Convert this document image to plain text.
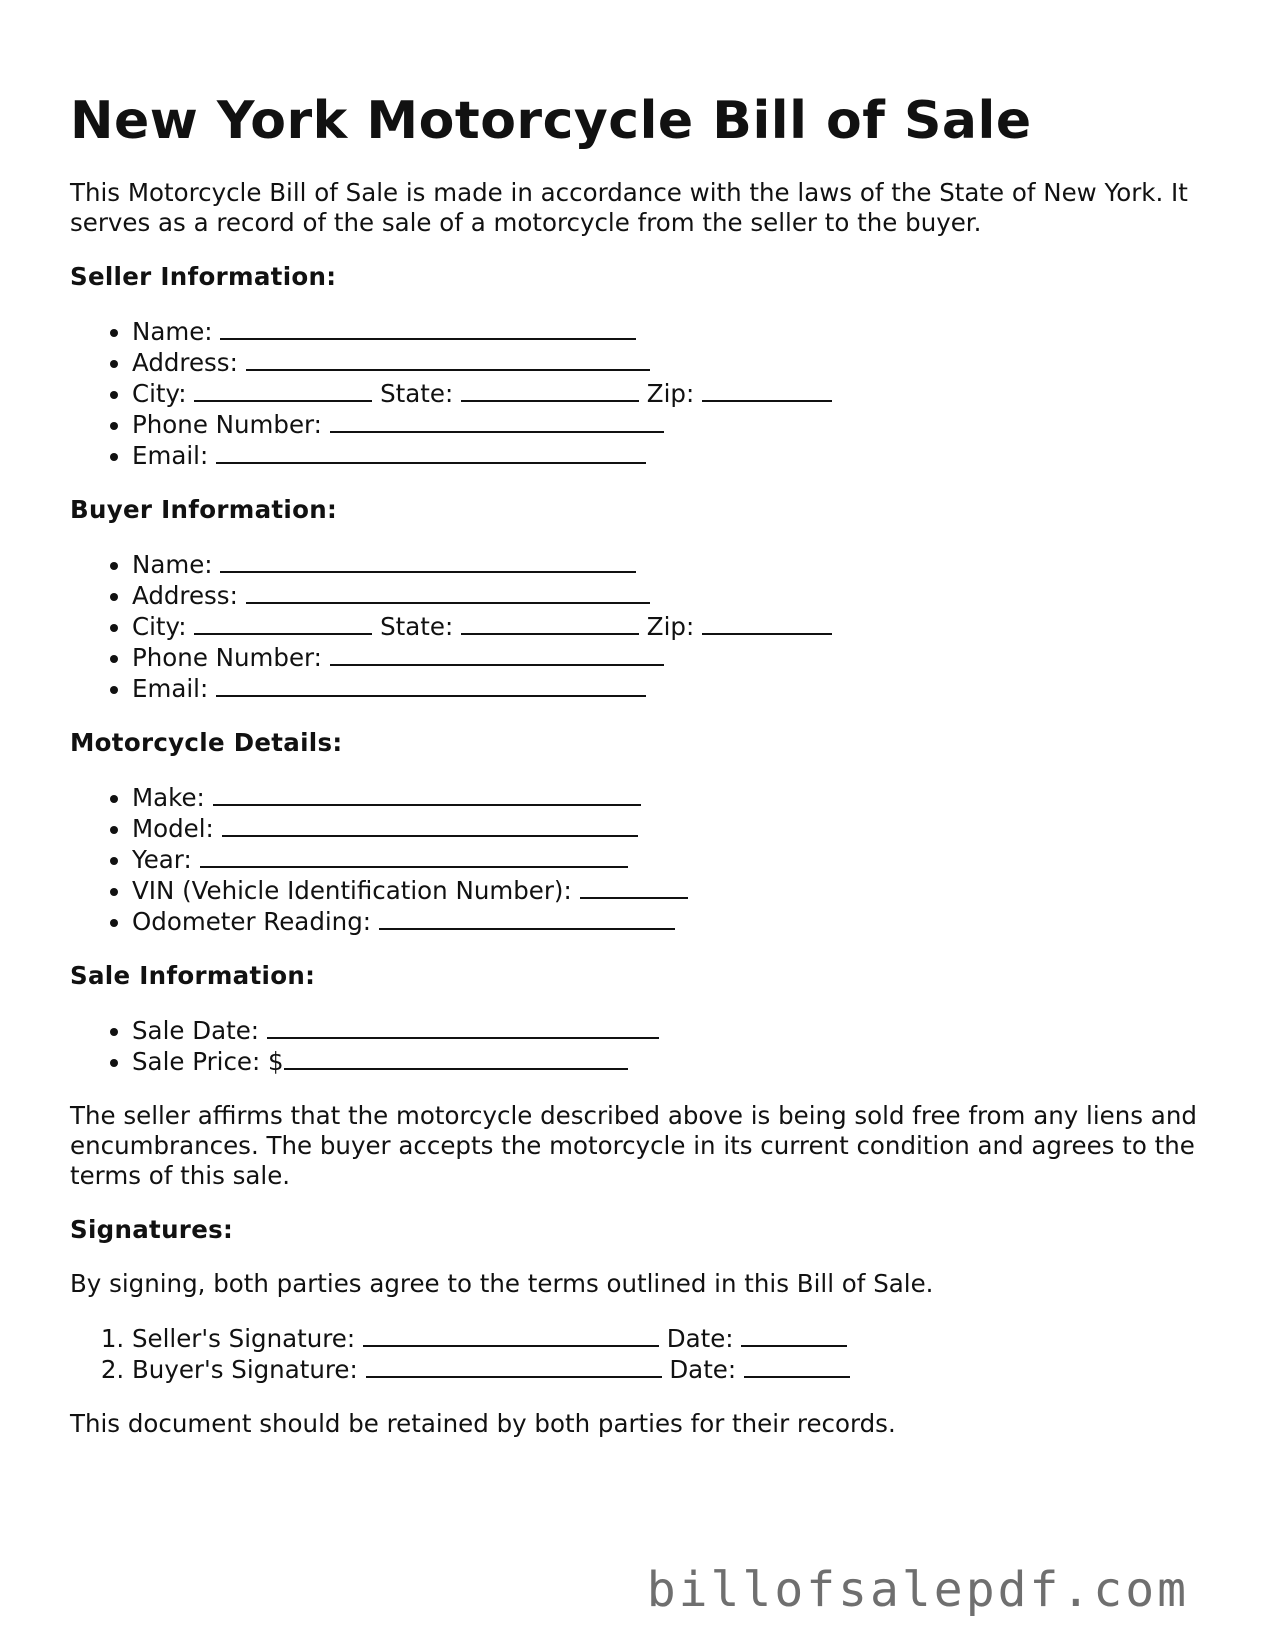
New York Motorcycle Bill of Sale

This Motorcycle Bill of Sale is made in accordance with the laws of the State of New York. It serves as a record of the sale of a motorcycle from the seller to the buyer.

Seller Information:
• Name:
• Address:
• City:	State:	Zip:
• Phone Number:
• Email:
Buyer Information:
• Name:
• Address:
• City:	State:	Zip:
• Phone Number:
• Email:
Motorcycle Details:
• Make:
• Model:
• Year:
• VIN (Vehicle Identification Number):
• Odometer Reading:
Sale Information:
• Sale Date:
• Sale Price: $

The seller affirms that the motorcycle described above is being sold free from any liens and encumbrances. The buyer accepts the motorcycle in its current condition and agrees to the terms of this sale.

Signatures:

By signing, both parties agree to the terms outlined in this Bill of Sale.

1. Seller's Signature:	Date:
2. Buyer's Signature:	Date:

This document should be retained by both parties for their records.

billofsalepdf.com
